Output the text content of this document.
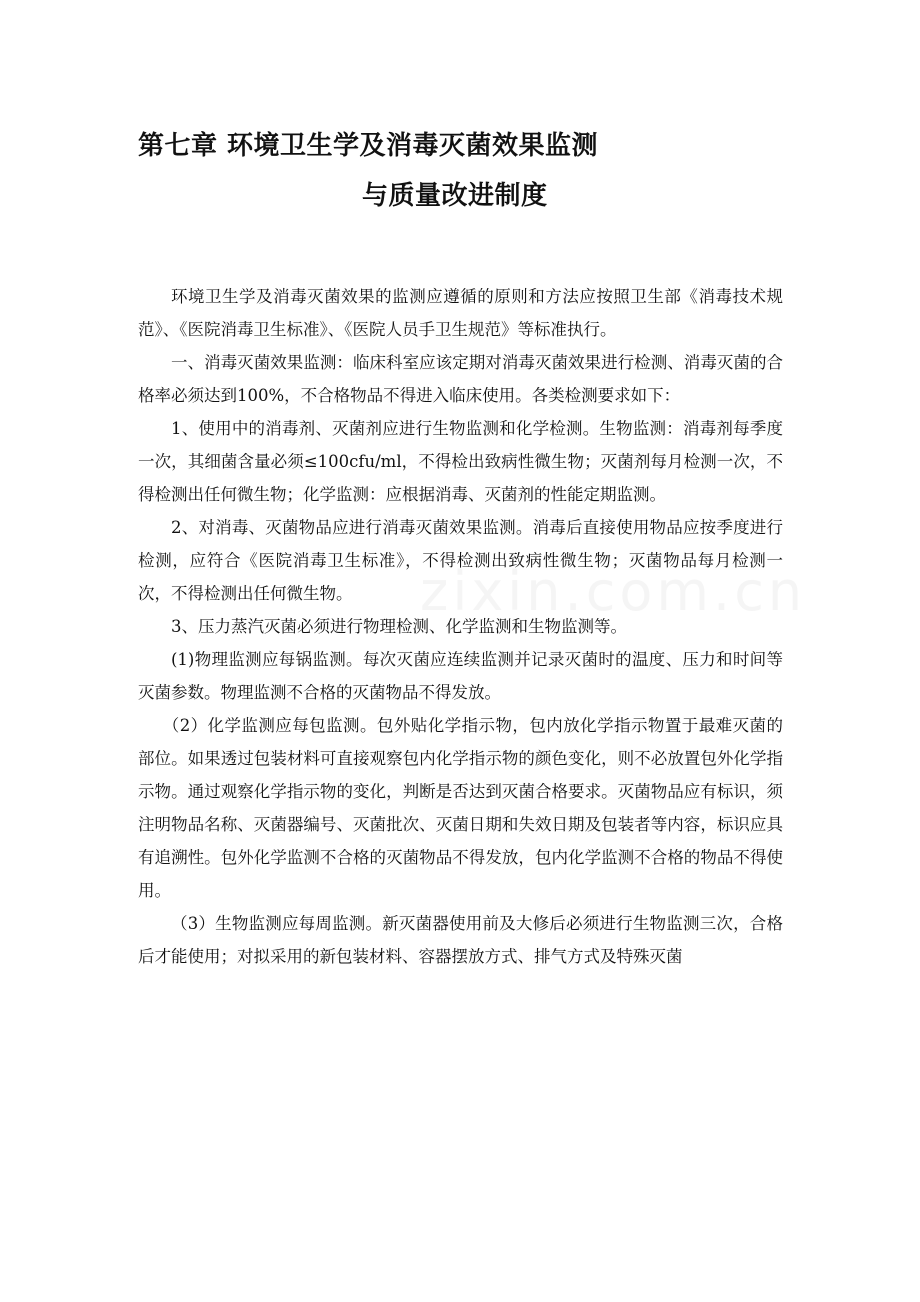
zixin.com.cn
第七章 环境卫生学及消毒灭菌效果监测
与质量改进制度

环境卫生学及消毒灭菌效果的监测应遵循的原则和方法应按照卫生部《消毒技术规范》、《医院消毒卫生标准》、《医院人员手卫生规范》等标准执行。

一、消毒灭菌效果监测：临床科室应该定期对消毒灭菌效果进行检测、消毒灭菌的合格率必须达到100%，不合格物品不得进入临床使用。各类检测要求如下：

1、使用中的消毒剂、灭菌剂应进行生物监测和化学检测。生物监测：消毒剂每季度一次，其细菌含量必须≤100cfu/ml，不得检出致病性微生物；灭菌剂每月检测一次，不得检测出任何微生物；化学监测：应根据消毒、灭菌剂的性能定期监测。

2、对消毒、灭菌物品应进行消毒灭菌效果监测。消毒后直接使用物品应按季度进行检测，应符合《医院消毒卫生标准》，不得检测出致病性微生物；灭菌物品每月检测一次，不得检测出任何微生物。

3、压力蒸汽灭菌必须进行物理检测、化学监测和生物监测等。

(1)物理监测应每锅监测。每次灭菌应连续监测并记录灭菌时的温度、压力和时间等灭菌参数。物理监测不合格的灭菌物品不得发放。

（2）化学监测应每包监测。包外贴化学指示物，包内放化学指示物置于最难灭菌的部位。如果透过包装材料可直接观察包内化学指示物的颜色变化，则不必放置包外化学指示物。通过观察化学指示物的变化，判断是否达到灭菌合格要求。灭菌物品应有标识，须注明物品名称、灭菌器编号、灭菌批次、灭菌日期和失效日期及包装者等内容，标识应具有追溯性。包外化学监测不合格的灭菌物品不得发放，包内化学监测不合格的物品不得使用。

（3）生物监测应每周监测。新灭菌器使用前及大修后必须进行生物监测三次，合格后才能使用；对拟采用的新包装材料、容器摆放方式、排气方式及特殊灭菌
